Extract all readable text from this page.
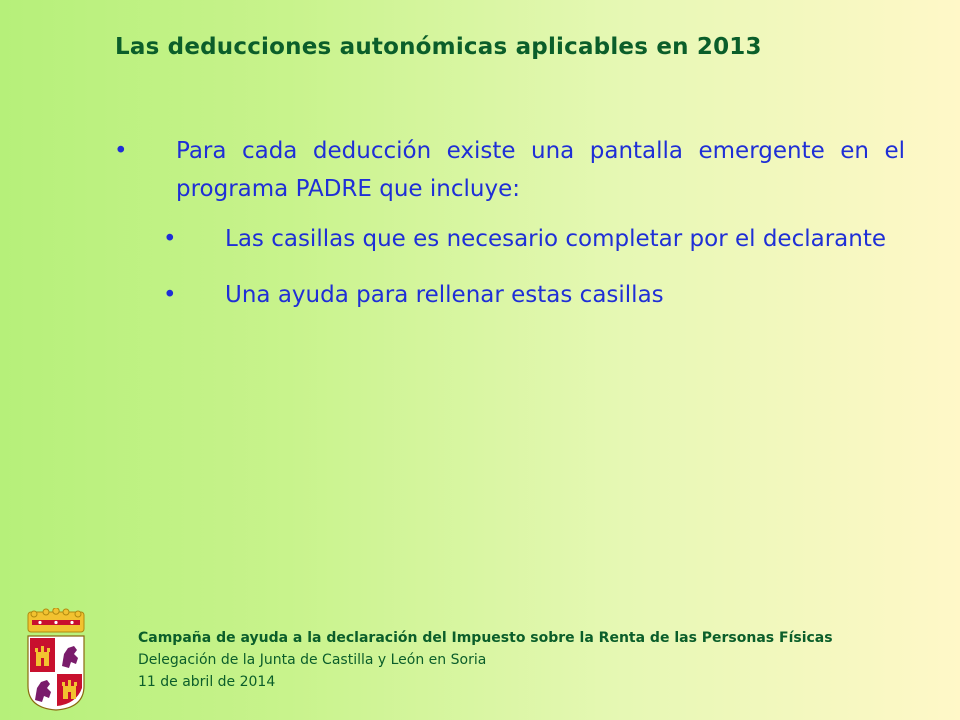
Las deducciones autonómicas aplicables en 2013
• Para cada deducción existe una pantalla emergente en el programa PADRE que incluye:
• Las casillas que es necesario completar por el declarante
• Una ayuda para rellenar estas casillas
Campaña de ayuda a la declaración del Impuesto sobre la Renta de las Personas Físicas
Delegación de la Junta de Castilla y León en Soria
11 de abril de 2014
